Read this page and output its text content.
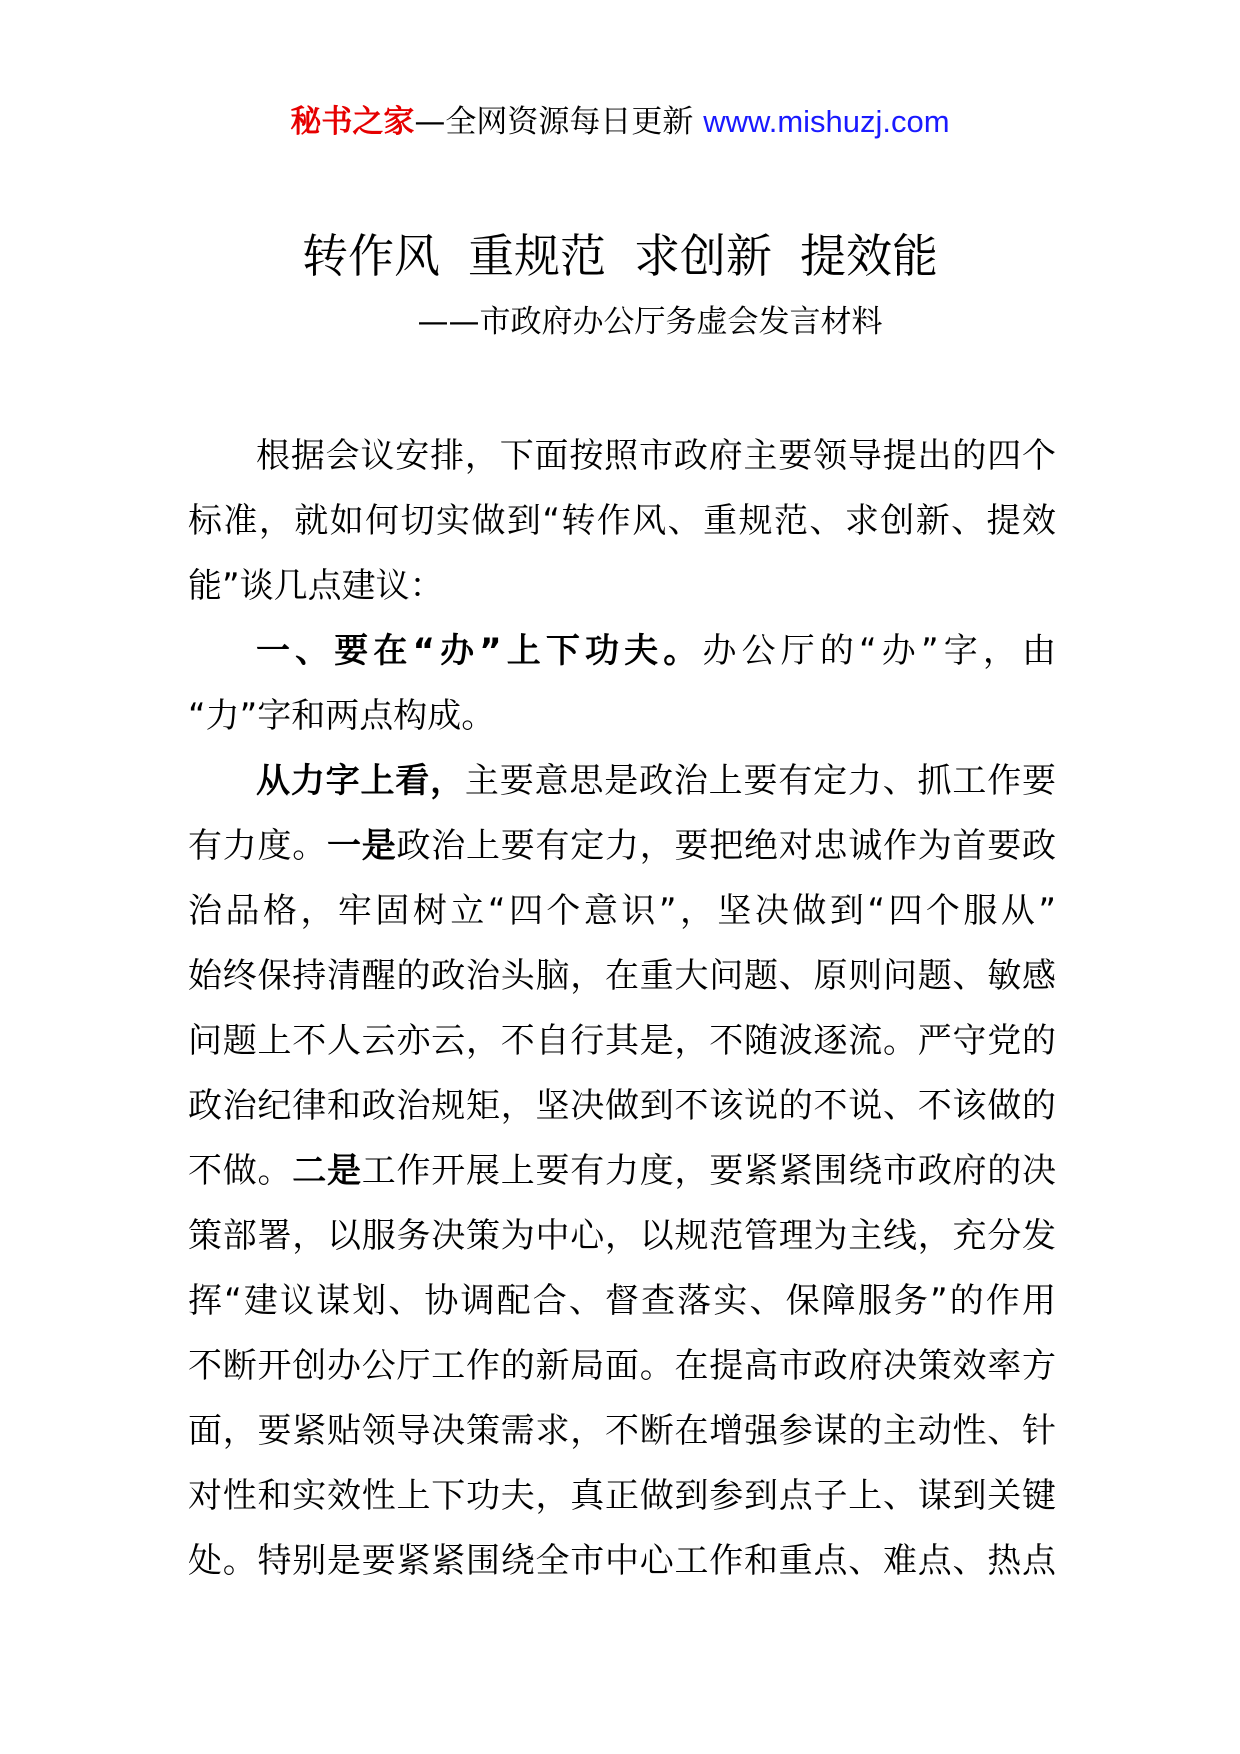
秘书之家—全网资源每日更新 www.mishuzj.com
转作风 重规范 求创新 提效能
——市政府办公厅务虚会发言材料
根据会议安排，下面按照市政府主要领导提出的四个
标准，就如何切实做到“转作风、重规范、求创新、提效
能”谈几点建议：
一、要在“办”上下功夫。办公厅的“办”字，由
“力”字和两点构成。
从力字上看，主要意思是政治上要有定力、抓工作要
有力度。一是政治上要有定力，要把绝对忠诚作为首要政
治品格，牢固树立“四个意识”，坚决做到“四个服从”
始终保持清醒的政治头脑，在重大问题、原则问题、敏感
问题上不人云亦云，不自行其是，不随波逐流。严守党的
政治纪律和政治规矩，坚决做到不该说的不说、不该做的
不做。二是工作开展上要有力度，要紧紧围绕市政府的决
策部署，以服务决策为中心，以规范管理为主线，充分发
挥“建议谋划、协调配合、督查落实、保障服务”的作用
不断开创办公厅工作的新局面。在提高市政府决策效率方
面，要紧贴领导决策需求，不断在增强参谋的主动性、针
对性和实效性上下功夫，真正做到参到点子上、谋到关键
处。特别是要紧紧围绕全市中心工作和重点、难点、热点
